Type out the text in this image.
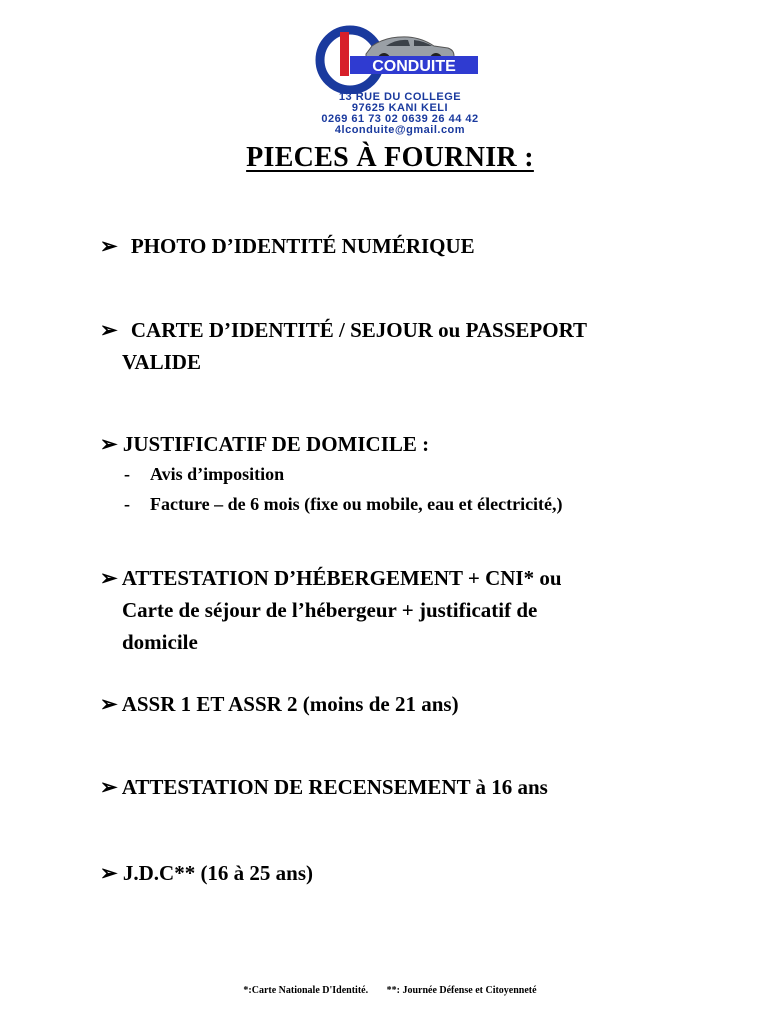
CONDUITE
13 RUE DU COLLEGE
97625 KANI KELI
0269 61 73 02 0639 26 44 42
4lconduite@gmail.com
PIECES À FOURNIR :
➢ PHOTO D’IDENTITÉ NUMÉRIQUE
➢ CARTE D’IDENTITÉ / SEJOUR ou PASSEPORT
VALIDE
➢ JUSTIFICATIF DE DOMICILE :
- Avis d’imposition
- Facture – de 6 mois (fixe ou mobile, eau et électricité,)
➢ ATTESTATION D’HÉBERGEMENT + CNI* ou
Carte de séjour de l’hébergeur + justificatif de
domicile
➢ ASSR 1 ET ASSR 2 (moins de 21 ans)
➢ ATTESTATION DE RECENSEMENT à 16 ans
➢ J.D.C** (16 à 25 ans)
*:Carte Nationale D'Identité. **: Journée Défense et Citoyenneté
